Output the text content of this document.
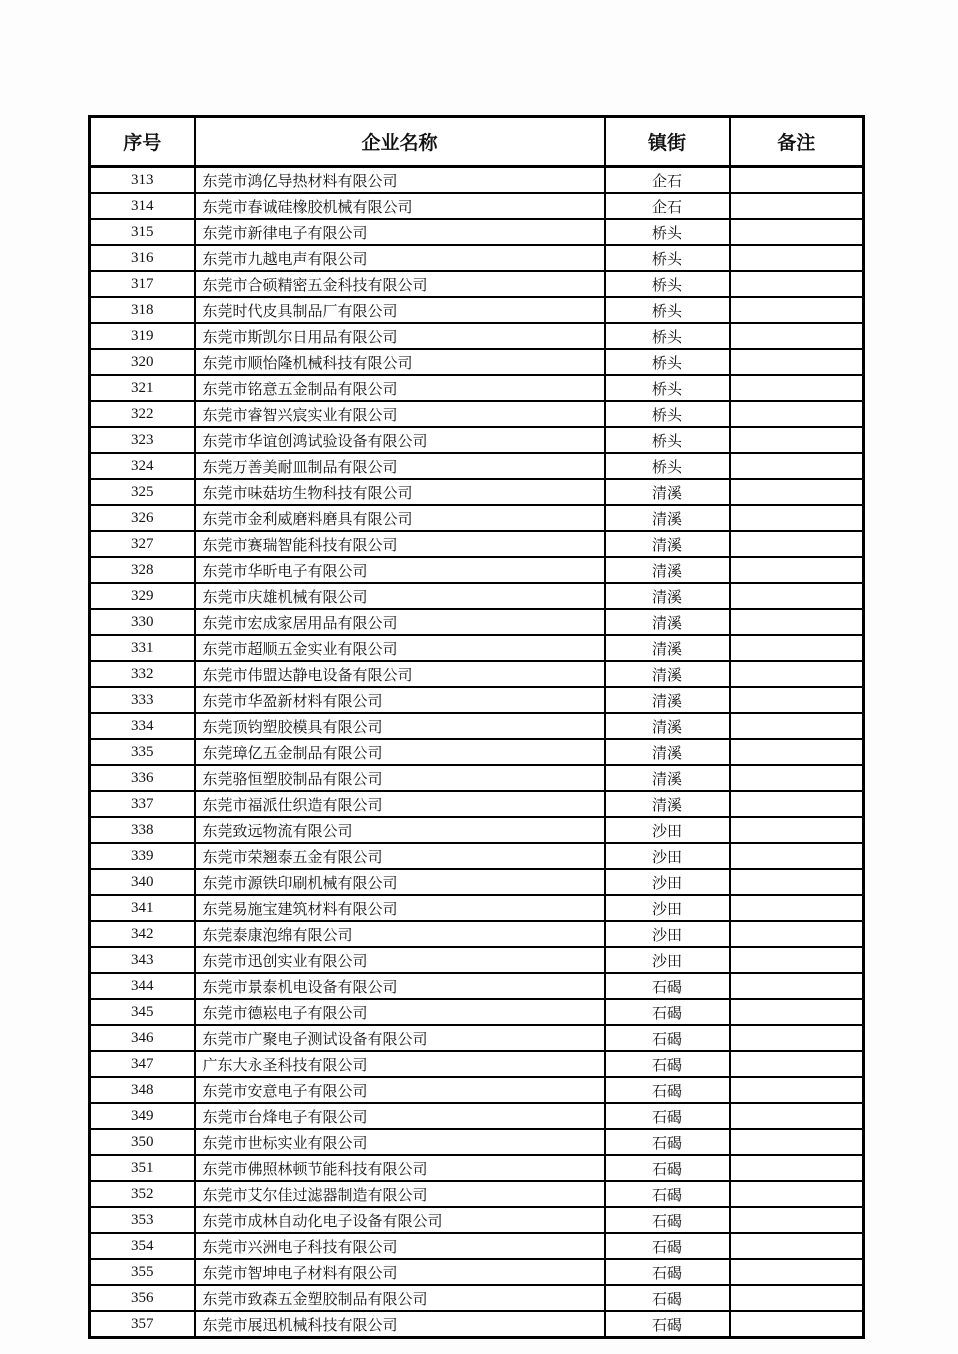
序号	企业名称	镇街	备注
313	东莞市鸿亿导热材料有限公司	企石	
314	东莞市春诚硅橡胶机械有限公司	企石	
315	东莞市新律电子有限公司	桥头	
316	东莞市九越电声有限公司	桥头	
317	东莞市合硕精密五金科技有限公司	桥头	
318	东莞时代皮具制品厂有限公司	桥头	
319	东莞市斯凯尔日用品有限公司	桥头	
320	东莞市顺怡隆机械科技有限公司	桥头	
321	东莞市铭意五金制品有限公司	桥头	
322	东莞市睿智兴宸实业有限公司	桥头	
323	东莞市华谊创鸿试验设备有限公司	桥头	
324	东莞万善美耐皿制品有限公司	桥头	
325	东莞市味菇坊生物科技有限公司	清溪	
326	东莞市金利威磨料磨具有限公司	清溪	
327	东莞市赛瑞智能科技有限公司	清溪	
328	东莞市华昕电子有限公司	清溪	
329	东莞市庆雄机械有限公司	清溪	
330	东莞市宏成家居用品有限公司	清溪	
331	东莞市超顺五金实业有限公司	清溪	
332	东莞市伟盟达静电设备有限公司	清溪	
333	东莞市华盈新材料有限公司	清溪	
334	东莞顶钧塑胶模具有限公司	清溪	
335	东莞璋亿五金制品有限公司	清溪	
336	东莞骆恒塑胶制品有限公司	清溪	
337	东莞市福派仕织造有限公司	清溪	
338	东莞致远物流有限公司	沙田	
339	东莞市荣翘泰五金有限公司	沙田	
340	东莞市源铁印刷机械有限公司	沙田	
341	东莞易施宝建筑材料有限公司	沙田	
342	东莞泰康泡绵有限公司	沙田	
343	东莞市迅创实业有限公司	沙田	
344	东莞市景泰机电设备有限公司	石碣	
345	东莞市德崧电子有限公司	石碣	
346	东莞市广聚电子测试设备有限公司	石碣	
347	广东大永圣科技有限公司	石碣	
348	东莞市安意电子有限公司	石碣	
349	东莞市台烽电子有限公司	石碣	
350	东莞市世标实业有限公司	石碣	
351	东莞市佛照林顿节能科技有限公司	石碣	
352	东莞市艾尔佳过滤器制造有限公司	石碣	
353	东莞市成林自动化电子设备有限公司	石碣	
354	东莞市兴洲电子科技有限公司	石碣	
355	东莞市智坤电子材料有限公司	石碣	
356	东莞市致森五金塑胶制品有限公司	石碣	
357	东莞市展迅机械科技有限公司	石碣	
